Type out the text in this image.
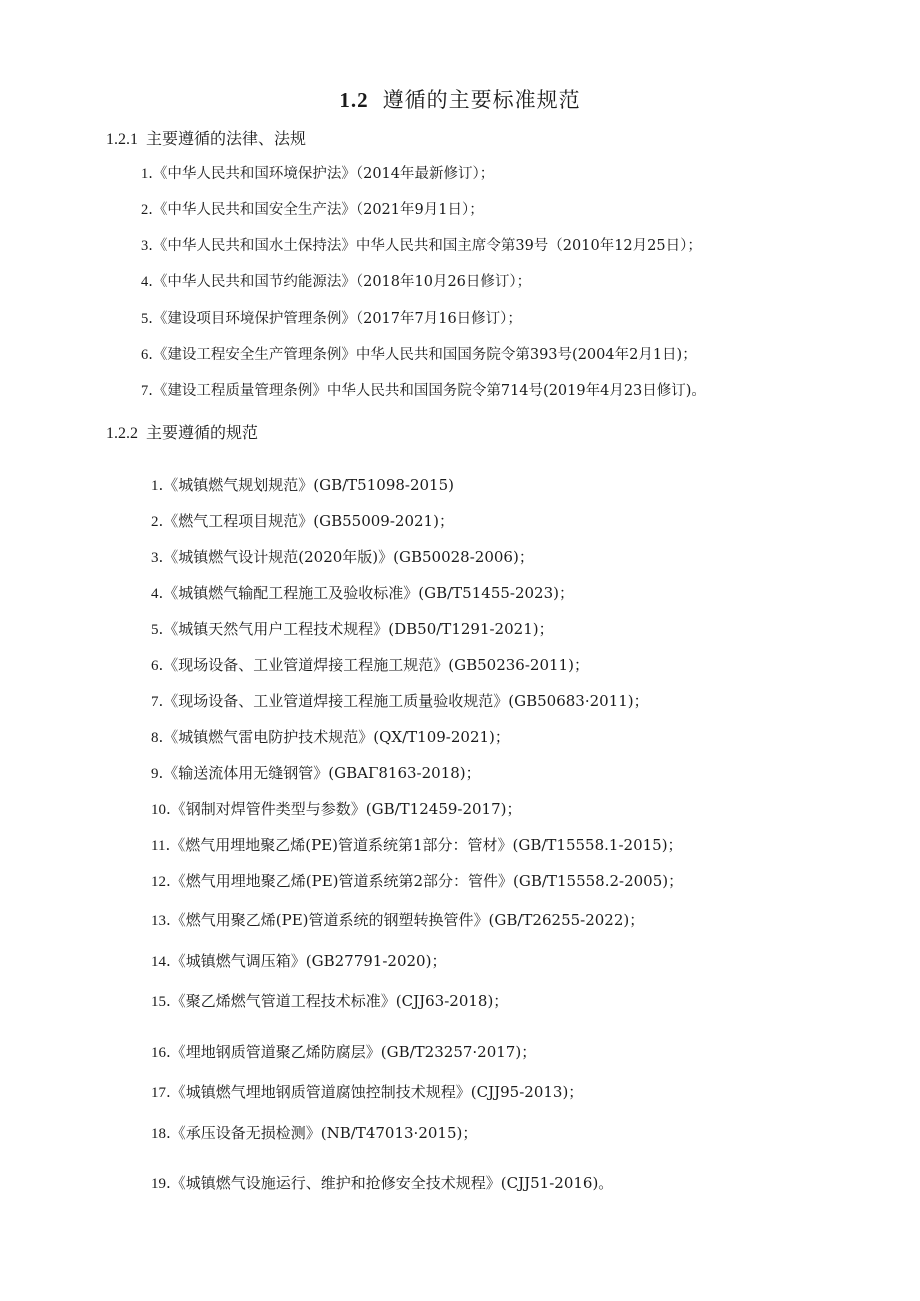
1.2 遵循的主要标准规范
1.2.1 主要遵循的法律、法规
1.《中华人民共和国环境保护法》（2014年最新修订）；
2.《中华人民共和国安全生产法》（2021年9月1日）；
3.《中华人民共和国水土保持法》中华人民共和国主席令第39号（2010年12月25日）；
4.《中华人民共和国节约能源法》（2018年10月26日修订）；
5.《建设项目环境保护管理条例》（2017年7月16日修订）；
6.《建设工程安全生产管理条例》中华人民共和国国务院令第393号(2004年2月1日)；
7.《建设工程质量管理条例》中华人民共和国国务院令第714号(2019年4月23日修订)。
1.2.2 主要遵循的规范
1.《城镇燃气规划规范》(GB/T51098-2015)
2.《燃气工程项目规范》(GB55009-2021)；
3.《城镇燃气设计规范(2020年版)》(GB50028-2006)；
4.《城镇燃气输配工程施工及验收标准》(GB/T51455-2023)；
5.《城镇天然气用户工程技术规程》(DB50/T1291-2021)；
6.《现场设备、工业管道焊接工程施工规范》(GB50236-2011)；
7.《现场设备、工业管道焊接工程施工质量验收规范》(GB50683·2011)；
8.《城镇燃气雷电防护技术规范》(QX/T109-2021)；
9.《输送流体用无缝钢管》(GBAΓ8163-2018)；
10.《钢制对焊管件类型与参数》(GB/T12459-2017)；
11.《燃气用埋地聚乙烯(PE)管道系统第1部分：管材》(GB/T15558.1-2015)；
12.《燃气用埋地聚乙烯(PE)管道系统第2部分：管件》(GB/T15558.2-2005)；
13.《燃气用聚乙烯(PE)管道系统的钢塑转换管件》(GB/T26255-2022)；
14.《城镇燃气调压箱》(GB27791-2020)；
15.《聚乙烯燃气管道工程技术标准》(CJJ63-2018)；
16.《埋地钢质管道聚乙烯防腐层》(GB/T23257·2017)；
17.《城镇燃气埋地钢质管道腐蚀控制技术规程》(CJJ95-2013)；
18.《承压设备无损检测》(NB/T47013·2015)；
19.《城镇燃气设施运行、维护和抢修安全技术规程》(CJJ51-2016)。
